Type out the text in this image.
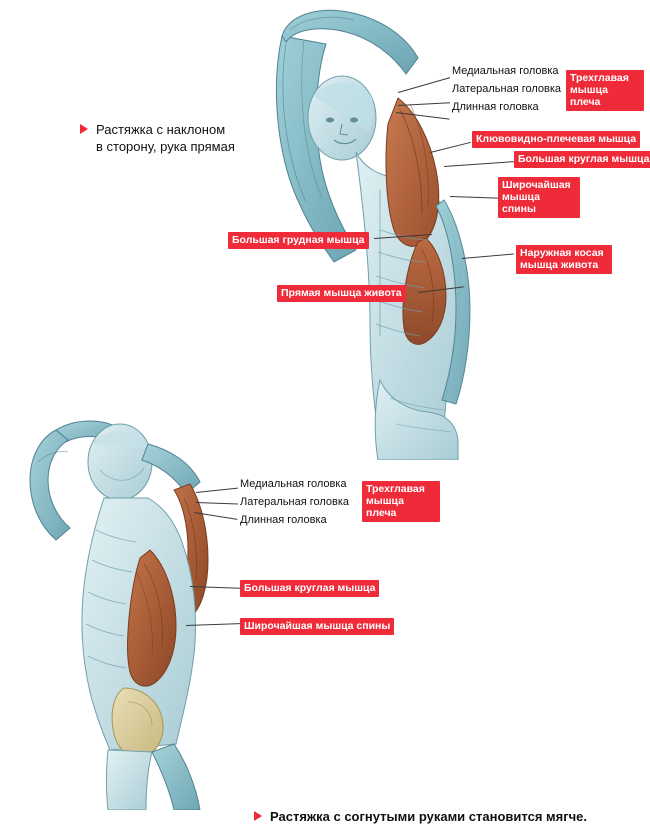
Медиальная головка
Латеральная головка
Длинная головка
Трехглавая
мышца плеча
Клювовидно-плечевая мышца
Большая круглая мышца
Широчайшая
мышца спины
Большая грудная мышца
Наружная косая
мышца живота
Прямая мышца живота
Растяжка с наклоном
в сторону, рука прямая
Медиальная головка
Латеральная головка
Длинная головка
Трехглавая
мышца плеча
Большая круглая мышца
Широчайшая мышца спины
Растяжка с согнутыми руками становится мягче.
